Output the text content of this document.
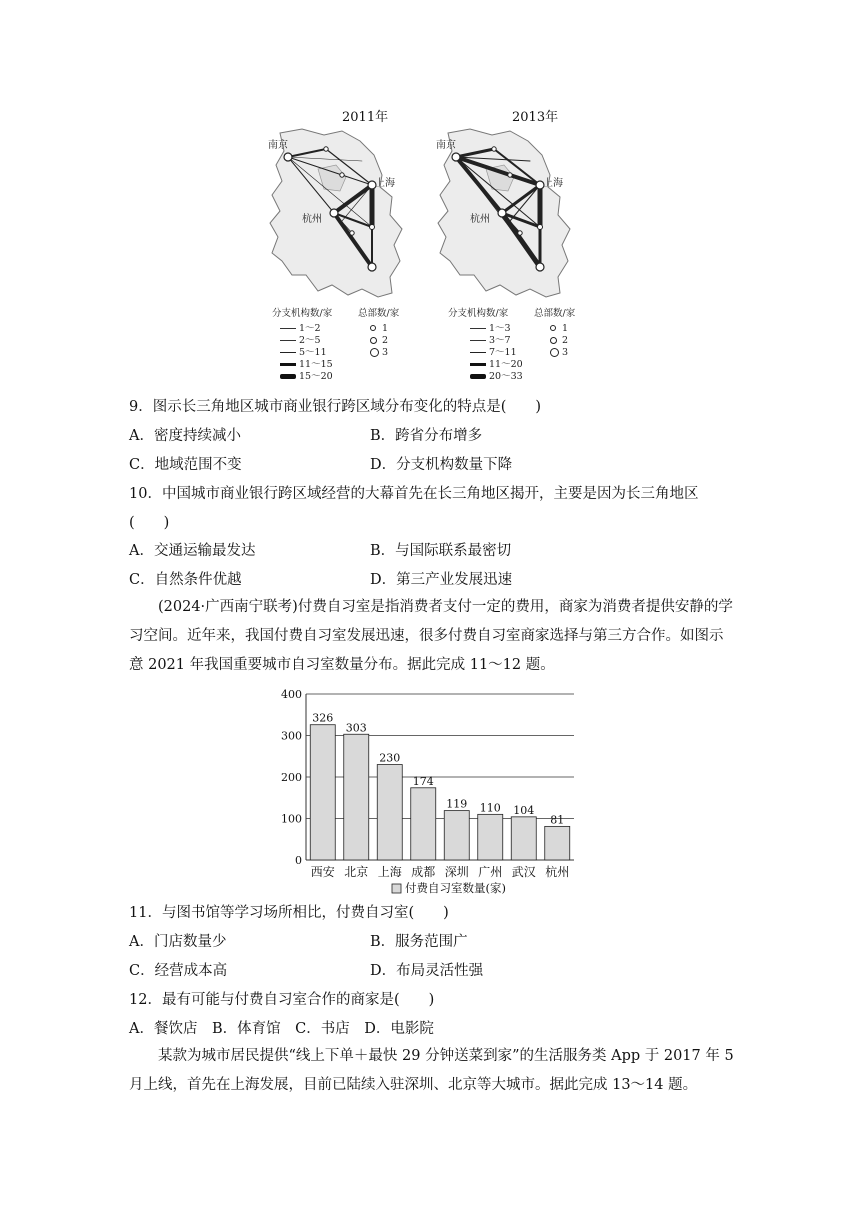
2011年
南京
上海
杭州
分支机构数/家	总部数/家
1～2
2～5
5～11
11～15
15～20
1
2
3
2013年
南京
上海
杭州
分支机构数/家	总部数/家
1～3
3～7
7～11
11～20
20～33
1
2
3
9．图示长三角地区城市商业银行跨区域分布变化的特点是(　　)
A．密度持续减小	B．跨省分布增多
C．地域范围不变	D．分支机构数量下降
10．中国城市商业银行跨区域经营的大幕首先在长三角地区揭开，主要是因为长三角地区
(　　)
A．交通运输最发达	B．与国际联系最密切
C．自然条件优越	D．第三产业发展迅速
(2024·广西南宁联考)付费自习室是指消费者支付一定的费用，商家为消费者提供安静的学习空间。近年来，我国付费自习室发展迅速，很多付费自习室商家选择与第三方合作。如图示意 2021 年我国重要城市自习室数量分布。据此完成 11～12 题。
400
300
200
100
0
326
西安
303
北京
230
上海
174
成都
119
深圳
110
广州
104
武汉
81
杭州
付费自习室数量(家)
11．与图书馆等学习场所相比，付费自习室(　　)
A．门店数量少	B．服务范围广
C．经营成本高	D．布局灵活性强
12．最有可能与付费自习室合作的商家是(　　)
A．餐饮店　B．体育馆　C．书店　D．电影院
某款为城市居民提供“线上下单＋最快 29 分钟送菜到家”的生活服务类 App 于 2017 年 5 月上线，首先在上海发展，目前已陆续入驻深圳、北京等大城市。据此完成 13～14 题。
